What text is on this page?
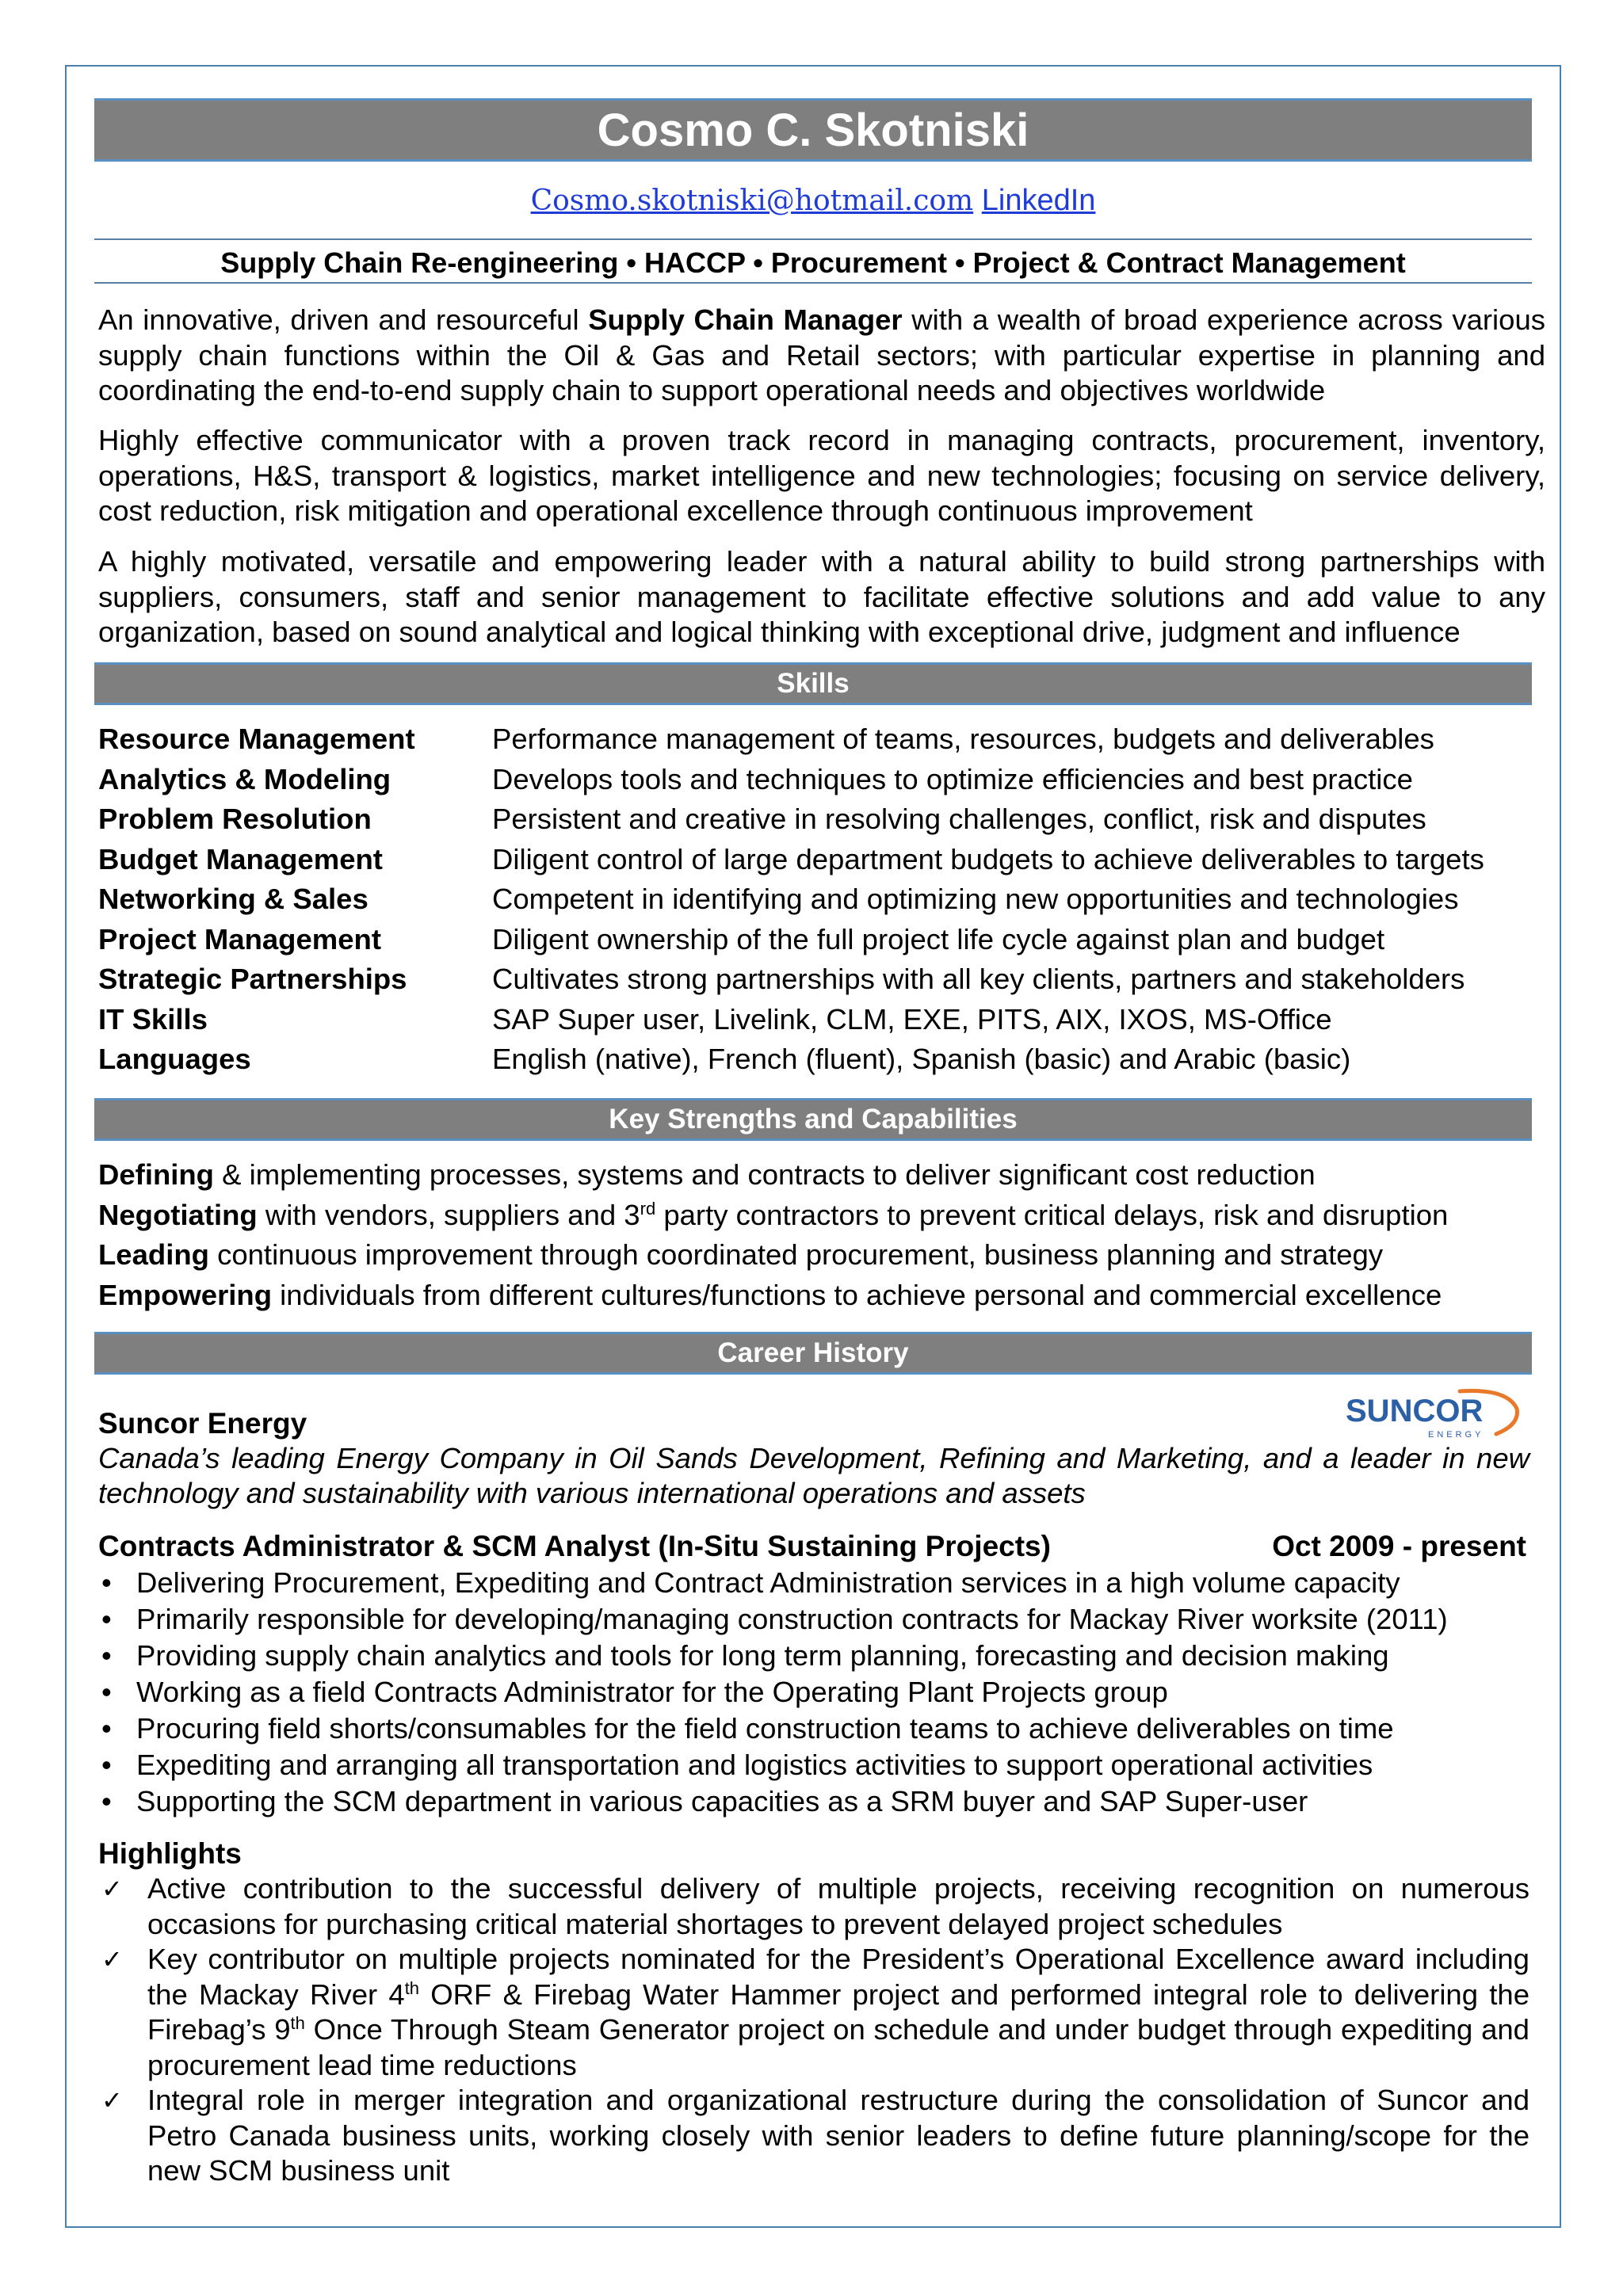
Cosmo C. Skotniski
Cosmo.skotniski@hotmail.com LinkedIn
Supply Chain Re-engineering • HACCP • Procurement • Project & Contract Management
An innovative, driven and resourceful Supply Chain Manager with a wealth of broad experience across various supply chain functions within the Oil & Gas and Retail sectors; with particular expertise in planning and coordinating the end-to-end supply chain to support operational needs and objectives worldwide
Highly effective communicator with a proven track record in managing contracts, procurement, inventory, operations, H&S, transport & logistics, market intelligence and new technologies; focusing on service delivery, cost reduction, risk mitigation and operational excellence through continuous improvement
A highly motivated, versatile and empowering leader with a natural ability to build strong partnerships with suppliers, consumers, staff and senior management to facilitate effective solutions and add value to any organization, based on sound analytical and logical thinking with exceptional drive, judgment and influence
Skills
Resource Management	Performance management of teams, resources, budgets and deliverables
Analytics & Modeling	Develops tools and techniques to optimize efficiencies and best practice
Problem Resolution	Persistent and creative in resolving challenges, conflict, risk and disputes
Budget Management	Diligent control of large department budgets to achieve deliverables to targets
Networking & Sales	Competent in identifying and optimizing new opportunities and technologies
Project Management	Diligent ownership of the full project life cycle against plan and budget
Strategic Partnerships	Cultivates strong partnerships with all key clients, partners and stakeholders
IT Skills	SAP Super user, Livelink, CLM, EXE, PITS, AIX, IXOS, MS-Office
Languages	English (native), French (fluent), Spanish (basic) and Arabic (basic)
Key Strengths and Capabilities
Defining & implementing processes, systems and contracts to deliver significant cost reduction
Negotiating with vendors, suppliers and 3rd party contractors to prevent critical delays, risk and disruption
Leading continuous improvement through coordinated procurement, business planning and strategy
Empowering individuals from different cultures/functions to achieve personal and commercial excellence
Career History
Suncor Energy	SUNCOR
ENERGY
Canada’s leading Energy Company in Oil Sands Development, Refining and Marketing, and a leader in new technology and sustainability with various international operations and assets
Contracts Administrator & SCM Analyst (In-Situ Sustaining Projects)	Oct 2009 - present
• Delivering Procurement, Expediting and Contract Administration services in a high volume capacity
• Primarily responsible for developing/managing construction contracts for Mackay River worksite (2011)
• Providing supply chain analytics and tools for long term planning, forecasting and decision making
• Working as a field Contracts Administrator for the Operating Plant Projects group
• Procuring field shorts/consumables for the field construction teams to achieve deliverables on time
• Expediting and arranging all transportation and logistics activities to support operational activities
• Supporting the SCM department in various capacities as a SRM buyer and SAP Super-user
Highlights
✓ Active contribution to the successful delivery of multiple projects, receiving recognition on numerous occasions for purchasing critical material shortages to prevent delayed project schedules
✓ Key contributor on multiple projects nominated for the President’s Operational Excellence award including the Mackay River 4th ORF & Firebag Water Hammer project and performed integral role to delivering the Firebag’s 9th Once Through Steam Generator project on schedule and under budget through expediting and procurement lead time reductions
✓ Integral role in merger integration and organizational restructure during the consolidation of Suncor and Petro Canada business units, working closely with senior leaders to define future planning/scope for the new SCM business unit
